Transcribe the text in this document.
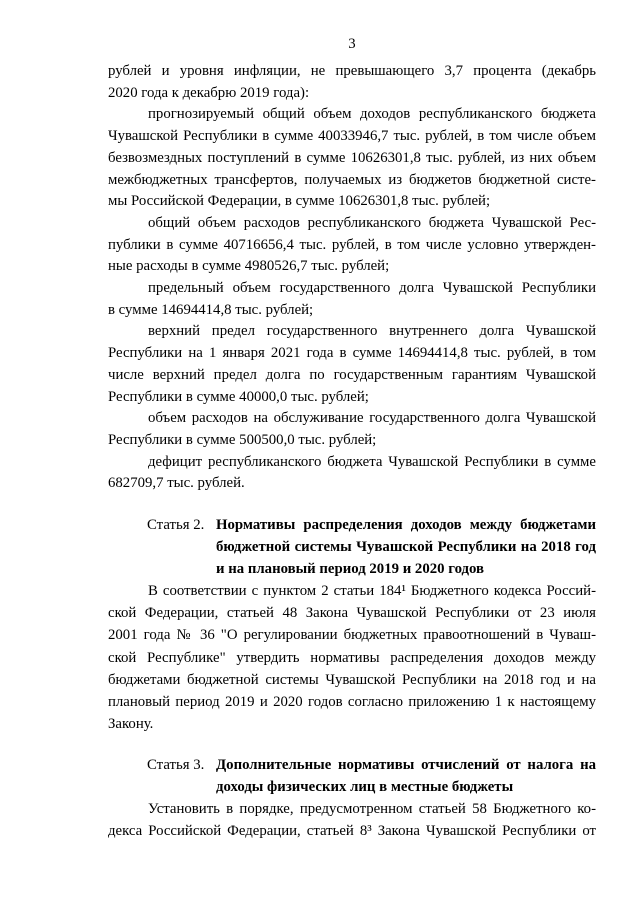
3
рублей и уровня инфляции, не превышающего 3,7 процента (декабрь
2020 года к декабрю 2019 года):
прогнозируемый общий объем доходов республиканского бюджета
Чувашской Республики в сумме 40033946,7 тыс. рублей, в том числе объем
безвозмездных поступлений в сумме 10626301,8 тыс. рублей, из них объем
межбюджетных трансфертов, получаемых из бюджетов бюджетной систе-
мы Российской Федерации, в сумме 10626301,8 тыс. рублей;
общий объем расходов республиканского бюджета Чувашской Рес-
публики в сумме 40716656,4 тыс. рублей, в том числе условно утвержден-
ные расходы в сумме 4980526,7 тыс. рублей;
предельный объем государственного долга Чувашской Республики
в сумме 14694414,8 тыс. рублей;
верхний предел государственного внутреннего долга Чувашской
Республики на 1 января 2021 года в сумме 14694414,8 тыс. рублей, в том
числе верхний предел долга по государственным гарантиям Чувашской
Республики в сумме 40000,0 тыс. рублей;
объем расходов на обслуживание государственного долга Чувашской
Республики в сумме 500500,0 тыс. рублей;
дефицит республиканского бюджета Чувашской Республики в сумме
682709,7 тыс. рублей.
Статья 2. Нормативы распределения доходов между бюджетами
бюджетной системы Чувашской Республики на 2018 год
и на плановый период 2019 и 2020 годов
В соответствии с пунктом 2 статьи 184¹ Бюджетного кодекса Россий-
ской Федерации, статьей 48 Закона Чувашской Республики от 23 июля
2001 года № 36 "О регулировании бюджетных правоотношений в Чуваш-
ской Республике" утвердить нормативы распределения доходов между
бюджетами бюджетной системы Чувашской Республики на 2018 год и на
плановый период 2019 и 2020 годов согласно приложению 1 к настоящему
Закону.
Статья 3. Дополнительные нормативы отчислений от налога на
доходы физических лиц в местные бюджеты
Установить в порядке, предусмотренном статьей 58 Бюджетного ко-
декса Российской Федерации, статьей 8³ Закона Чувашской Республики от
